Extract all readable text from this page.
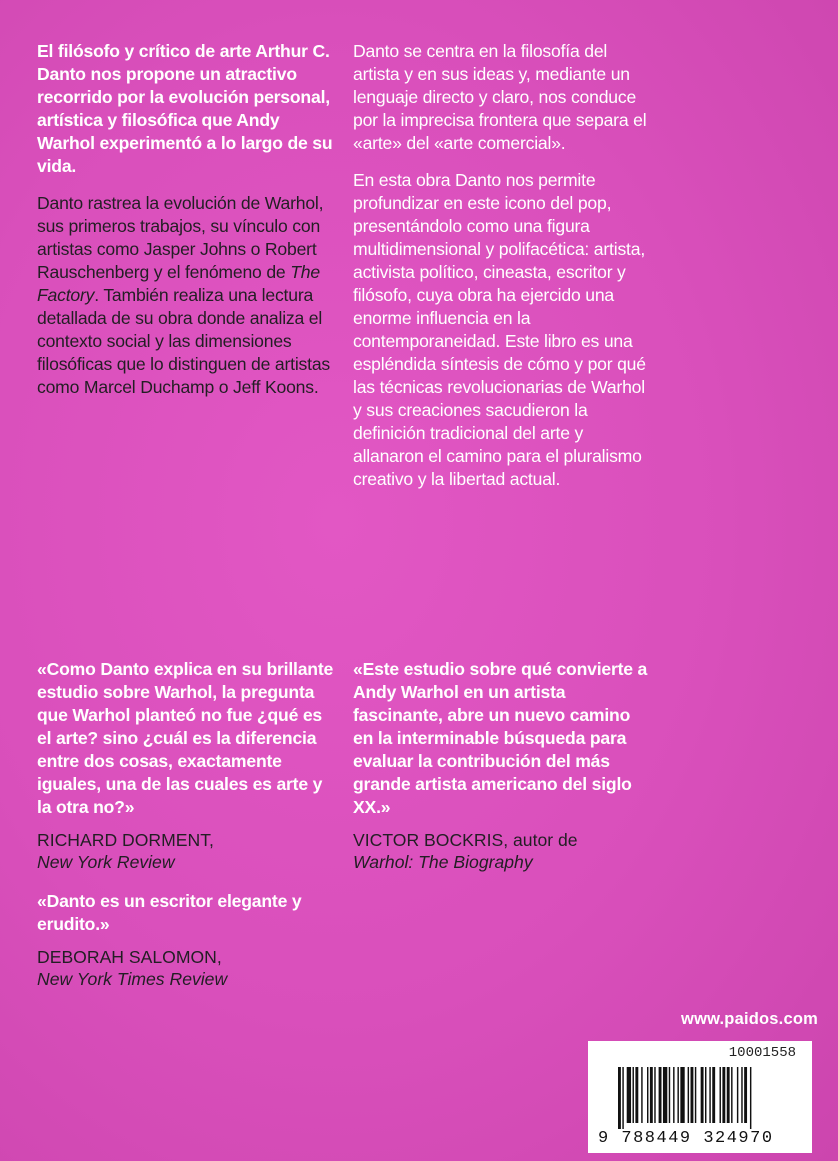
El filósofo y crítico de arte Arthur C. Danto nos propone un atractivo recorrido por la evolución personal, artística y filosófica que Andy Warhol experimentó a lo largo de su vida.

Danto rastrea la evolución de Warhol, sus primeros trabajos, su vínculo con artistas como Jasper Johns o Robert Rauschenberg y el fenómeno de The Factory. También realiza una lectura detallada de su obra donde analiza el contexto social y las dimensiones filosóficas que lo distinguen de artistas como Marcel Duchamp o Jeff Koons.

Danto se centra en la filosofía del artista y en sus ideas y, mediante un lenguaje directo y claro, nos conduce por la imprecisa frontera que separa el «arte» del «arte comercial».

En esta obra Danto nos permite profundizar en este icono del pop, presentándolo como una figura multidimensional y polifacética: artista, activista político, cineasta, escritor y filósofo, cuya obra ha ejercido una enorme influencia en la contemporaneidad. Este libro es una espléndida síntesis de cómo y por qué las técnicas revolucionarias de Warhol y sus creaciones sacudieron la definición tradicional del arte y allanaron el camino para el pluralismo creativo y la libertad actual.

«Como Danto explica en su brillante estudio sobre Warhol, la pregunta que Warhol planteó no fue ¿qué es el arte? sino ¿cuál es la diferencia entre dos cosas, exactamente iguales, una de las cuales es arte y la otra no?»

RICHARD DORMENT,
New York Review

«Este estudio sobre qué convierte a Andy Warhol en un artista fascinante, abre un nuevo camino en la interminable búsqueda para evaluar la contribución del más grande artista americano del siglo XX.»

VICTOR BOCKRIS, autor de
Warhol: The Biography

«Danto es un escritor elegante y erudito.»

DEBORAH SALOMON,
New York Times Review
www.paidos.com
10001558
9 788449 324970
